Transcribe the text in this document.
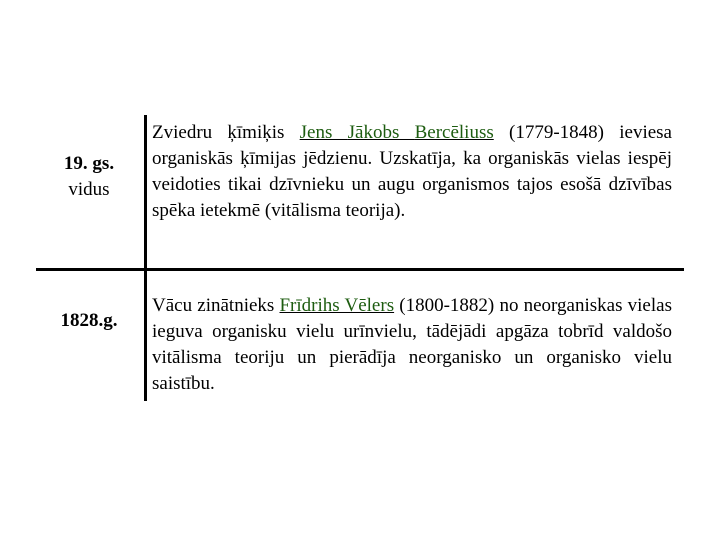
19. gs.
vidus
Zviedru ķīmiķis Jens Jākobs Bercēliuss (1779-1848) ieviesa organiskās ķīmijas jēdzienu. Uzskatīja, ka organiskās vielas iespēj veidoties tikai dzīvnieku un augu organismos tajos esošā dzīvības spēka ietekmē (vitālisma teorija).
1828.g.
Vācu zinātnieks Frīdrihs Vēlers (1800-1882) no neorganiskas vielas ieguva organisku vielu urīnvielu, tādējādi apgāza tobrīd valdošo vitālisma teoriju un pierādīja neorganisko un organisko vielu saistību.
